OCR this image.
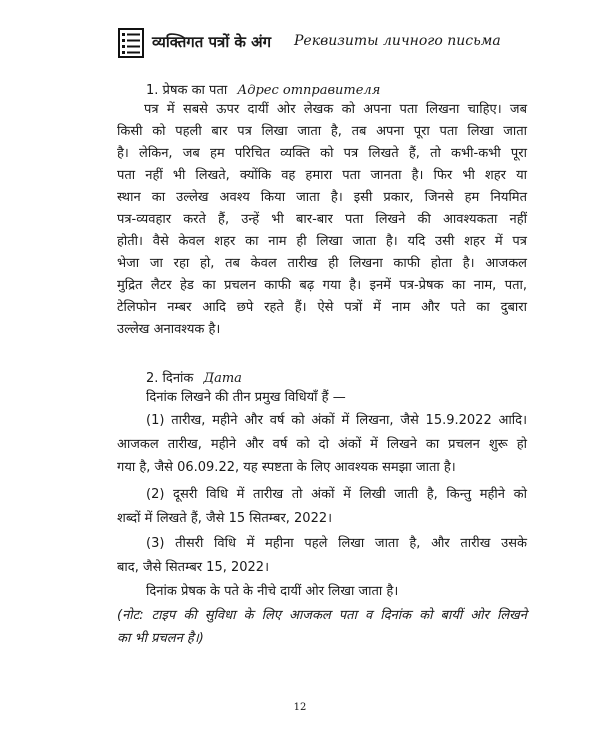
व्यक्तिगत पत्रों के अंग Реквизиты личного письма
1. प्रेषक का पता Адрес отправителя
पत्र में सबसे ऊपर दायीं ओर लेखक को अपना पता लिखना चाहिए। जब
किसी को पहली बार पत्र लिखा जाता है, तब अपना पूरा पता लिखा जाता
है। लेकिन, जब हम परिचित व्यक्ति को पत्र लिखते हैं, तो कभी-कभी पूरा
पता नहीं भी लिखते, क्योंकि वह हमारा पता जानता है। फिर भी शहर या
स्थान का उल्लेख अवश्य किया जाता है। इसी प्रकार, जिनसे हम नियमित
पत्र-व्यवहार करते हैं, उन्हें भी बार-बार पता लिखने की आवश्यकता नहीं
होती। वैसे केवल शहर का नाम ही लिखा जाता है। यदि उसी शहर में पत्र
भेजा जा रहा हो, तब केवल तारीख ही लिखना काफी होता है। आजकल
मुद्रित लैटर हेड का प्रचलन काफी बढ़ गया है। इनमें पत्र-प्रेषक का नाम, पता,
टेलिफोन नम्बर आदि छपे रहते हैं। ऐसे पत्रों में नाम और पते का दुबारा
उल्लेख अनावश्यक है।
2. दिनांक Дата
दिनांक लिखने की तीन प्रमुख विधियाँ हैं —
(1) तारीख, महीने और वर्ष को अंकों में लिखना, जैसे 15.9.2022 आदि।
आजकल तारीख, महीने और वर्ष को दो अंकों में लिखने का प्रचलन शुरू हो
गया है, जैसे 06.09.22, यह स्पष्टता के लिए आवश्यक समझा जाता है।
(2) दूसरी विधि में तारीख तो अंकों में लिखी जाती है, किन्तु महीने को
शब्दों में लिखते हैं, जैसे 15 सितम्बर, 2022।
(3) तीसरी विधि में महीना पहले लिखा जाता है, और तारीख उसके
बाद, जैसे सितम्बर 15, 2022।
दिनांक प्रेषक के पते के नीचे दायीं ओर लिखा जाता है।
(नोट: टाइप की सुविधा के लिए आजकल पता व दिनांक को बायीं ओर लिखने
का भी प्रचलन है।)
12
